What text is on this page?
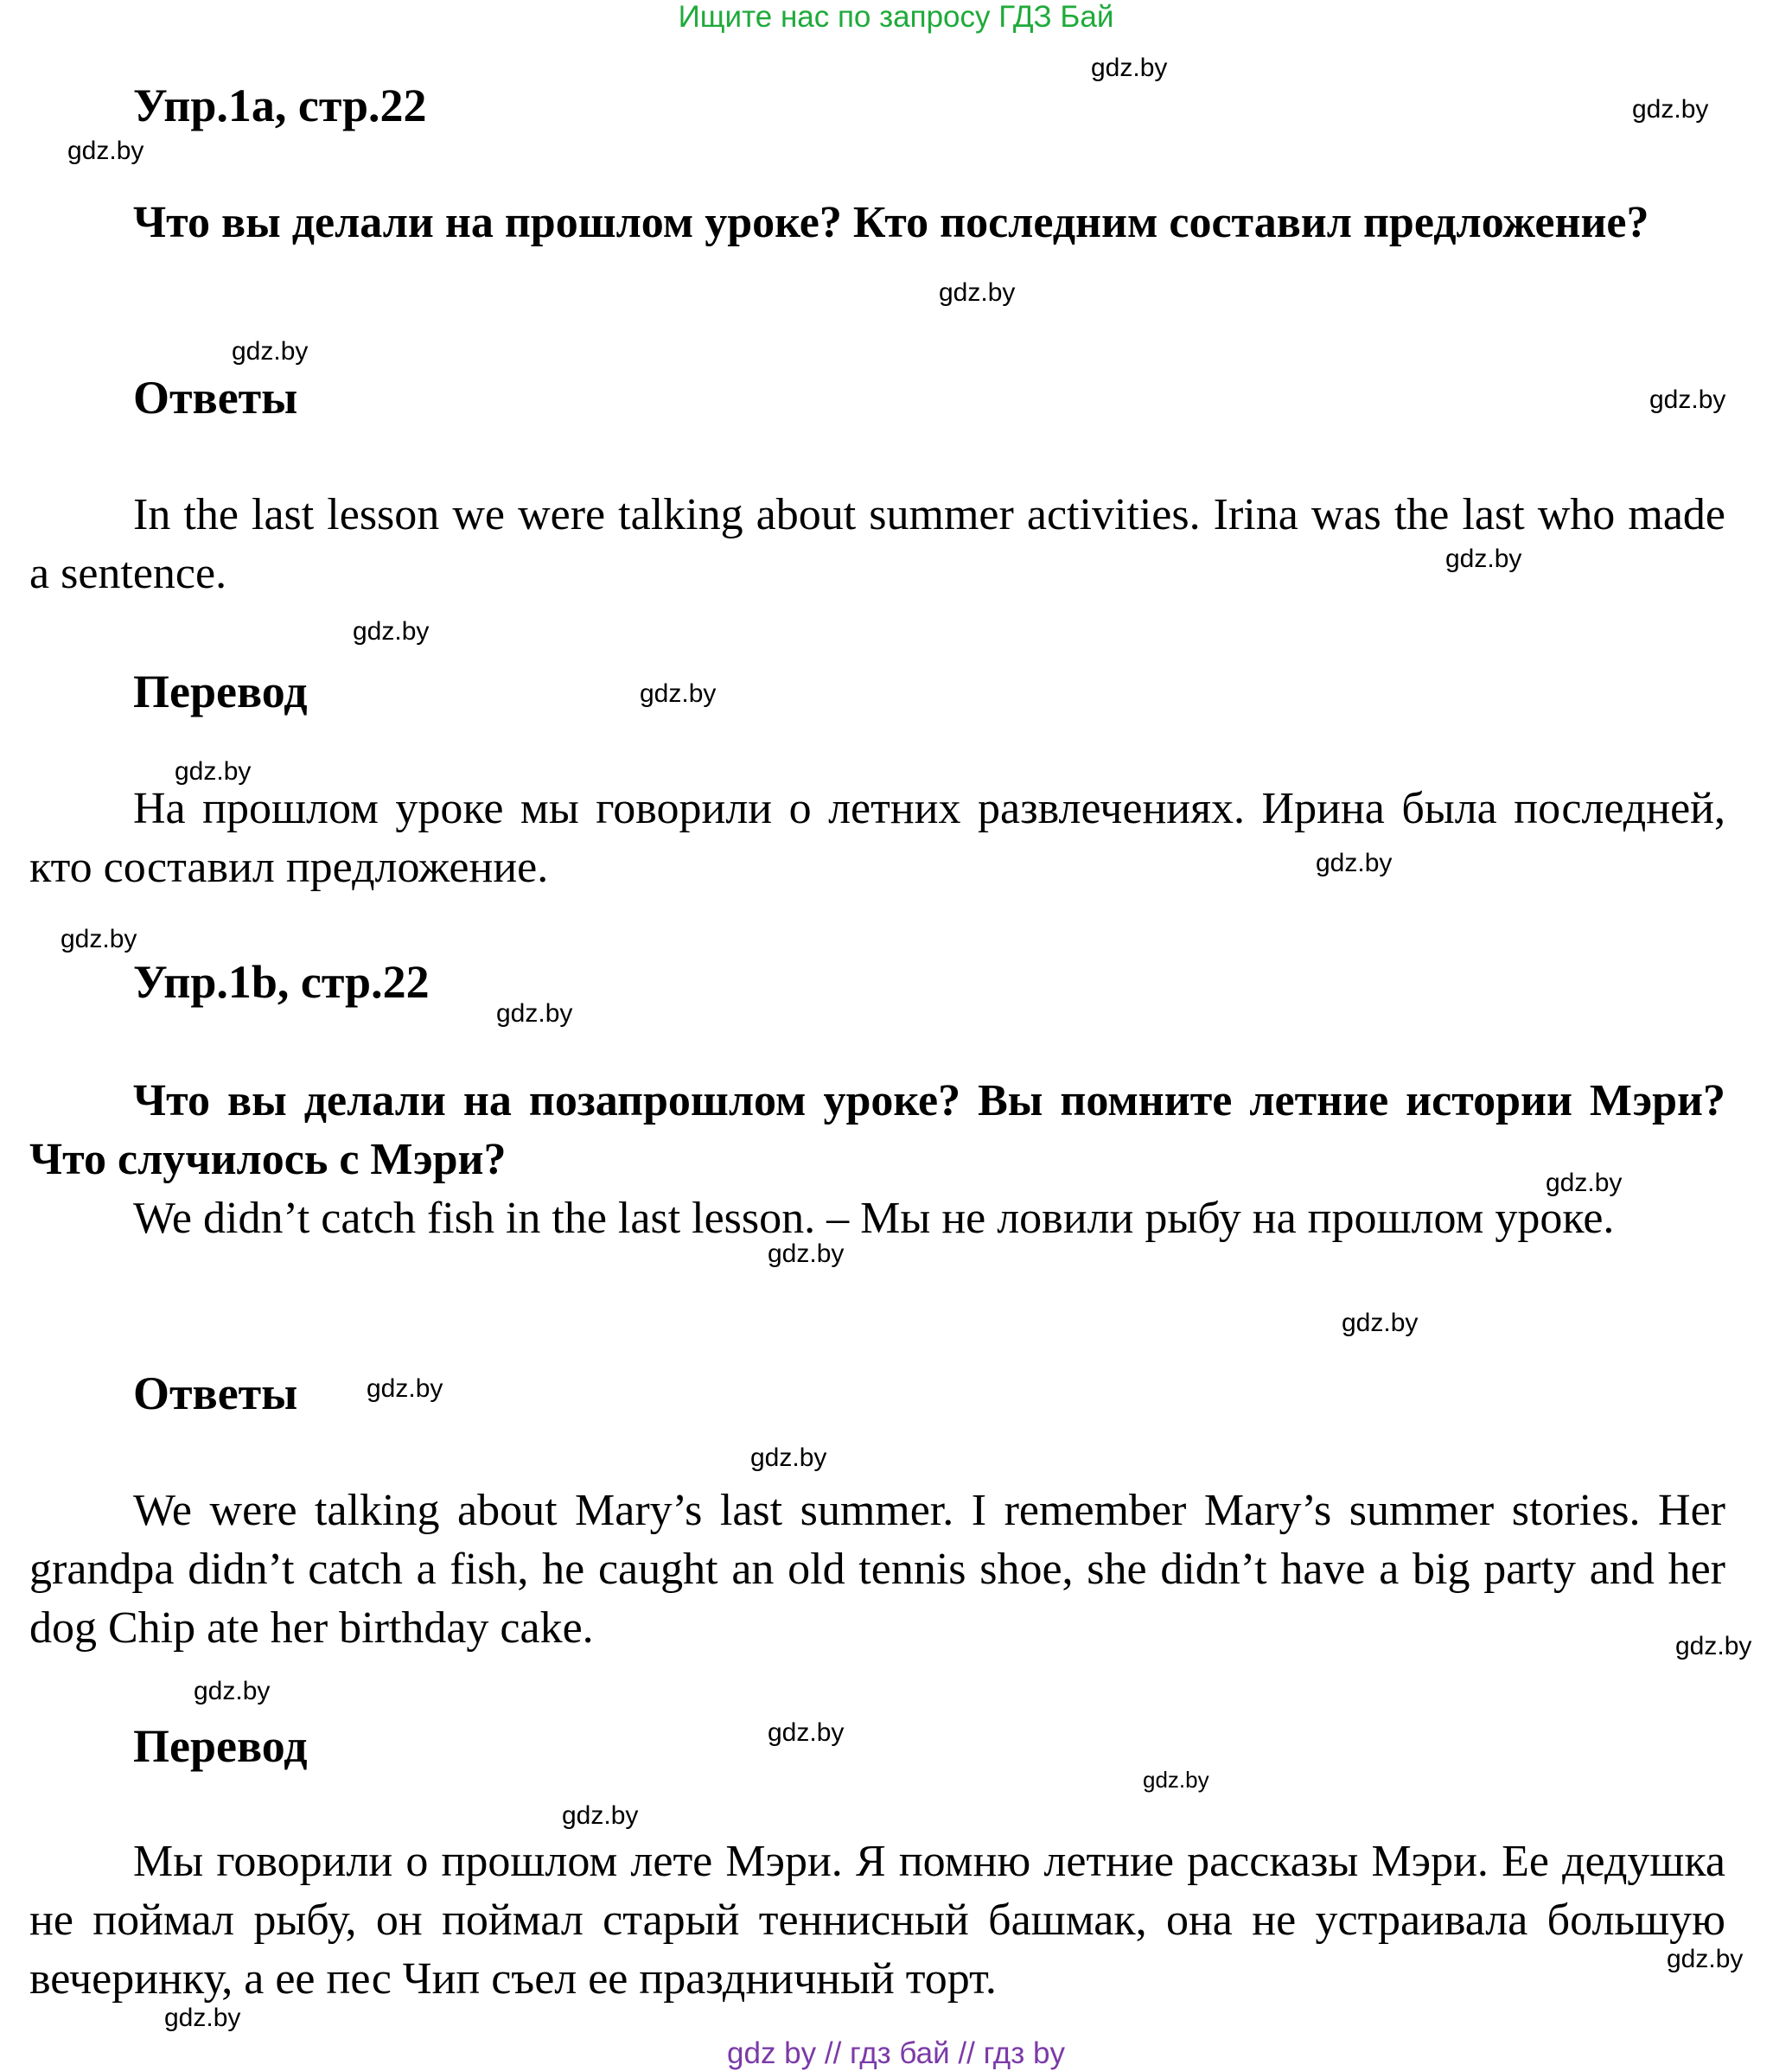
Ищите нас по запросу ГДЗ Бай
Упр.1а, стр.22
Что вы делали на прошлом уроке? Кто последним составил предложение?
Ответы
In the last lesson we were talking about summer activities. Irina was the last who made a sentence.
Перевод
На прошлом уроке мы говорили о летних развлечениях. Ирина была последней, кто составил предложение.
Упр.1b, стр.22
Что вы делали на позапрошлом уроке? Вы помните летние истории Мэри? Что случилось с Мэри?
We didn’t catch fish in the last lesson. – Мы не ловили рыбу на прошлом уроке.
Ответы
We were talking about Mary’s last summer. I remember Mary’s summer stories. Her grandpa didn’t catch a fish, he caught an old tennis shoe, she didn’t have a big party and her dog Chip ate her birthday cake.
Перевод
Мы говорили о прошлом лете Мэри. Я помню летние рассказы Мэри. Ее дедушка не поймал рыбу, он поймал старый теннисный башмак, она не устраивала большую вечеринку, а ее пес Чип съел ее праздничный торт.
gdz.by
gdz.by
gdz.by
gdz.by
gdz.by
gdz.by
gdz.by
gdz.by
gdz.by
gdz.by
gdz.by
gdz.by
gdz.by
gdz.by
gdz.by
gdz.by
gdz.by
gdz.by
gdz.by
gdz.by
gdz.by
gdz.by
gdz.by
gdz.by
gdz.by
gdz by // гдз бай // гдз by
